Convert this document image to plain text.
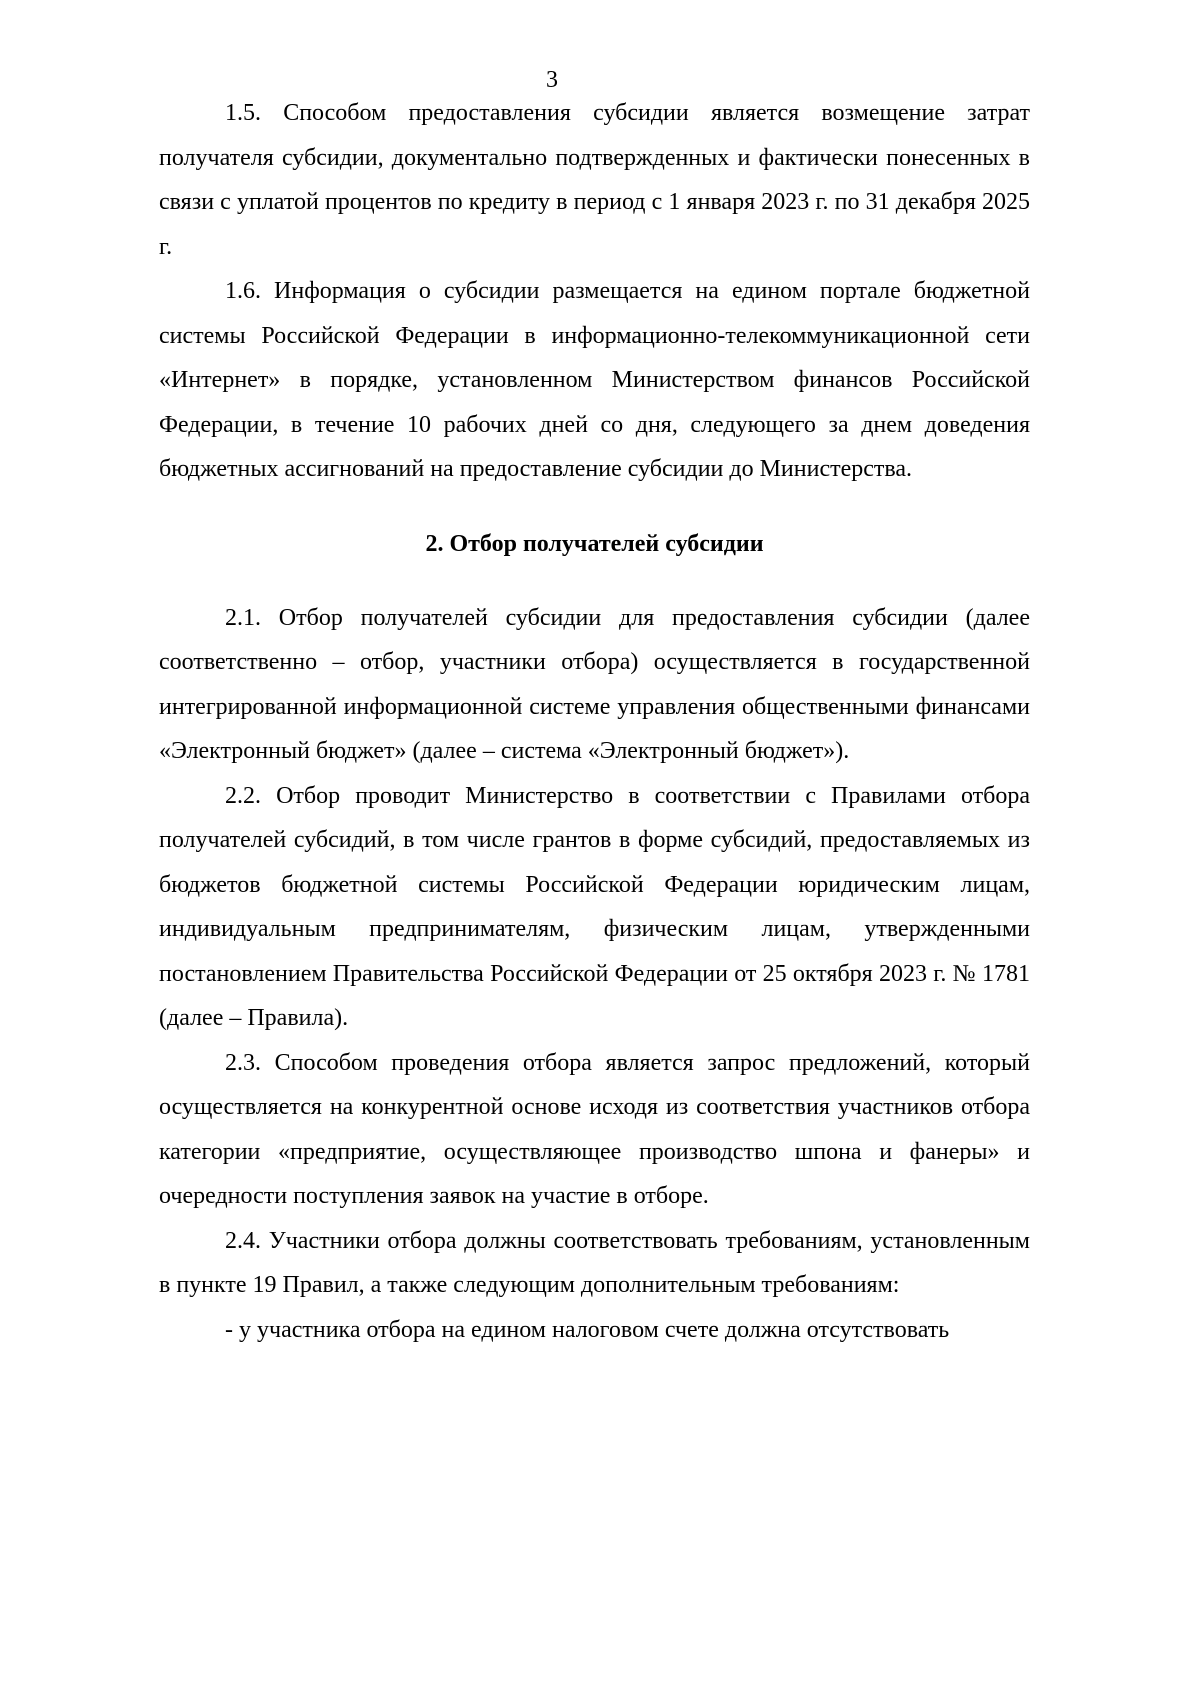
3

1.5. Способом предоставления субсидии является возмещение затрат получателя субсидии, документально подтвержденных и фактически понесенных в связи с уплатой процентов по кредиту в период с 1 января 2023 г. по 31 декабря 2025 г.

1.6. Информация о субсидии размещается на едином портале бюджетной системы Российской Федерации в информационно-телекоммуникационной сети «Интернет» в порядке, установленном Министерством финансов Российской Федерации, в течение 10 рабочих дней со дня, следующего за днем доведения бюджетных ассигнований на предоставление субсидии до Министерства.

2. Отбор получателей субсидии

2.1. Отбор получателей субсидии для предоставления субсидии (далее соответственно – отбор, участники отбора) осуществляется в государственной интегрированной информационной системе управления общественными финансами «Электронный бюджет» (далее – система «Электронный бюджет»).

2.2. Отбор проводит Министерство в соответствии с Правилами отбора получателей субсидий, в том числе грантов в форме субсидий, предоставляемых из бюджетов бюджетной системы Российской Федерации юридическим лицам, индивидуальным предпринимателям, физическим лицам, утвержденными постановлением Правительства Российской Федерации от 25 октября 2023 г. № 1781 (далее – Правила).

2.3. Способом проведения отбора является запрос предложений, который осуществляется на конкурентной основе исходя из соответствия участников отбора категории «предприятие, осуществляющее производство шпона и фанеры» и очередности поступления заявок на участие в отборе.

2.4. Участники отбора должны соответствовать требованиям, установленным в пункте 19 Правил, а также следующим дополнительным требованиям:

- у участника отбора на едином налоговом счете должна отсутствовать
